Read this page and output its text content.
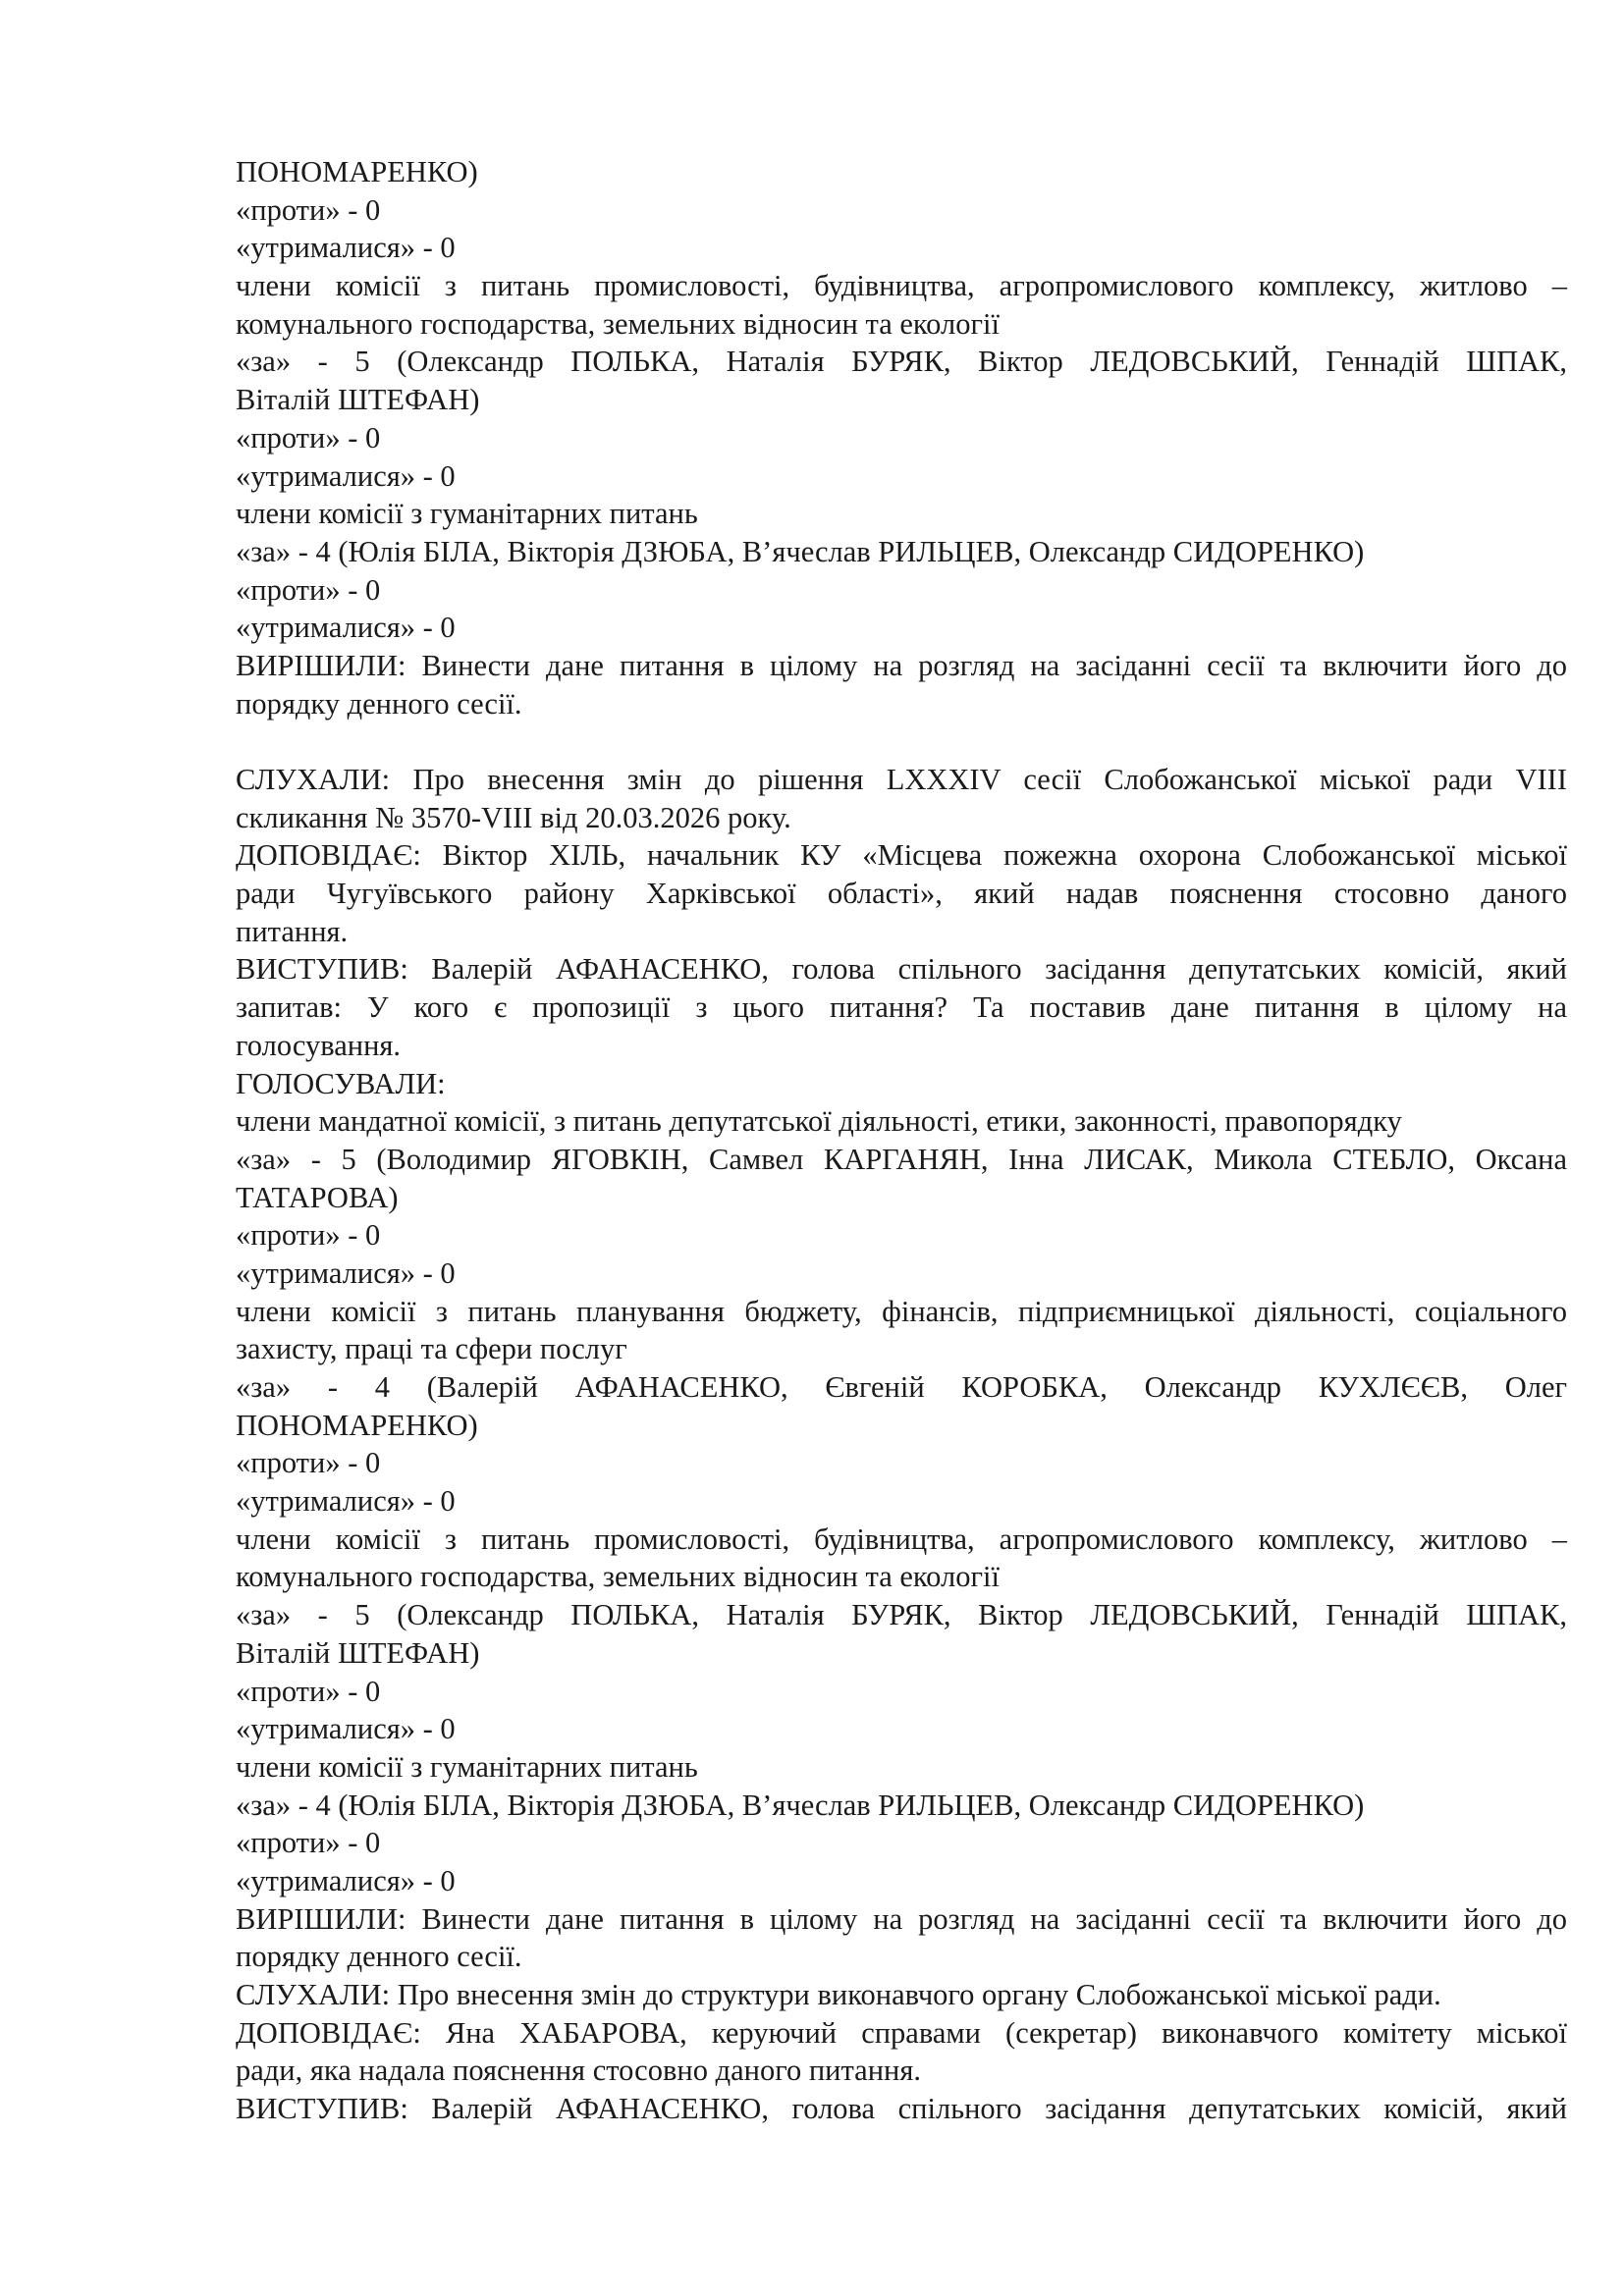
ПОНОМАРЕНКО)
«проти» - 0
«утрималися» - 0
члени комісії з питань промисловості, будівництва, агропромислового комплексу, житлово –
комунального господарства, земельних відносин та екології
«за» - 5 (Олександр ПОЛЬКА, Наталія БУРЯК, Віктор ЛЕДОВСЬКИЙ, Геннадій ШПАК,
Віталій ШТЕФАН)
«проти» - 0
«утрималися» - 0
члени комісії з гуманітарних питань
«за» - 4 (Юлія БІЛА, Вікторія ДЗЮБА, В’ячеслав РИЛЬЦЕВ, Олександр СИДОРЕНКО)
«проти» - 0
«утрималися» - 0
ВИРІШИЛИ: Винести дане питання в цілому на розгляд на засіданні сесії та включити його до
порядку денного сесії.
СЛУХАЛИ: Про внесення змін до рішення LXXXIV сесії Слобожанської міської ради VIII
скликання № 3570-VIII від 20.03.2026 року.
ДОПОВІДАЄ: Віктор ХІЛЬ, начальник КУ «Місцева пожежна охорона Слобожанської міської
ради Чугуївського району Харківської області», який надав пояснення стосовно даного
питання.
ВИСТУПИВ: Валерій АФАНАСЕНКО, голова спільного засідання депутатських комісій, який
запитав: У кого є пропозиції з цього питання? Та поставив дане питання в цілому на
голосування.
ГОЛОСУВАЛИ:
члени мандатної комісії, з питань депутатської діяльності, етики, законності, правопорядку
«за» - 5 (Володимир ЯГОВКІН, Самвел КАРГАНЯН, Інна ЛИСАК, Микола СТЕБЛО, Оксана
ТАТАРОВА)
«проти» - 0
«утрималися» - 0
члени комісії з питань планування бюджету, фінансів, підприємницької діяльності, соціального
захисту, праці та сфери послуг
«за» - 4 (Валерій АФАНАСЕНКО, Євгеній КОРОБКА, Олександр КУХЛЄЄВ, Олег
ПОНОМАРЕНКО)
«проти» - 0
«утрималися» - 0
члени комісії з питань промисловості, будівництва, агропромислового комплексу, житлово –
комунального господарства, земельних відносин та екології
«за» - 5 (Олександр ПОЛЬКА, Наталія БУРЯК, Віктор ЛЕДОВСЬКИЙ, Геннадій ШПАК,
Віталій ШТЕФАН)
«проти» - 0
«утрималися» - 0
члени комісії з гуманітарних питань
«за» - 4 (Юлія БІЛА, Вікторія ДЗЮБА, В’ячеслав РИЛЬЦЕВ, Олександр СИДОРЕНКО)
«проти» - 0
«утрималися» - 0
ВИРІШИЛИ: Винести дане питання в цілому на розгляд на засіданні сесії та включити його до
порядку денного сесії.
СЛУХАЛИ: Про внесення змін до структури виконавчого органу Слобожанської міської ради.
ДОПОВІДАЄ: Яна ХАБАРОВА, керуючий справами (секретар) виконавчого комітету міської
ради, яка надала пояснення стосовно даного питання.
ВИСТУПИВ: Валерій АФАНАСЕНКО, голова спільного засідання депутатських комісій, який
